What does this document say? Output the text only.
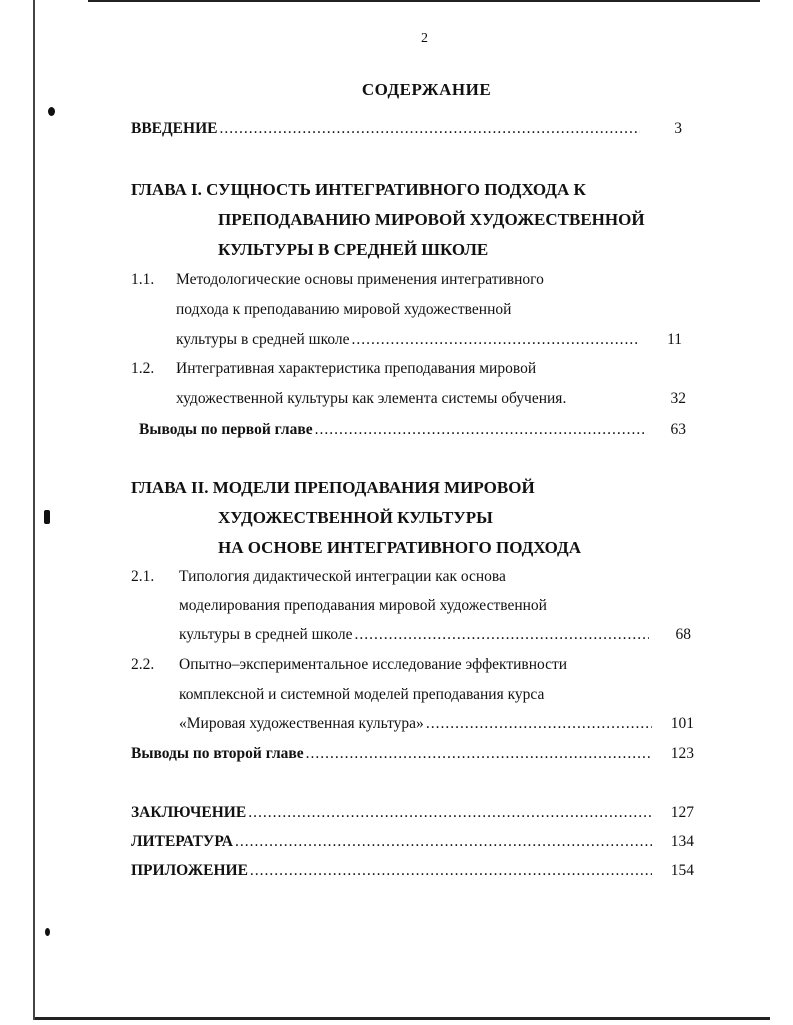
2
СОДЕРЖАНИЕ
ВВЕДЕНИЕ .....	3
ГЛАВА I. СУЩНОСТЬ ИНТЕГРАТИВНОГО ПОДХОДА К
ПРЕПОДАВАНИЮ МИРОВОЙ ХУДОЖЕСТВЕННОЙ
КУЛЬТУРЫ В СРЕДНЕЙ ШКОЛЕ
1.1. Методологические основы применения интегративного
подхода к преподаванию мировой художественной
культуры в средней школе .....	11
1.2. Интегративная характеристика преподавания мировой
художественной культуры как элемента системы обучения.	32
Выводы по первой главе .....	63
ГЛАВА II. МОДЕЛИ ПРЕПОДАВАНИЯ МИРОВОЙ
ХУДОЖЕСТВЕННОЙ КУЛЬТУРЫ
НА ОСНОВЕ ИНТЕГРАТИВНОГО ПОДХОДА
2.1. Типология дидактической интеграции как основа
моделирования преподавания мировой художественной
культуры в средней школе .....	68
2.2. Опытно–экспериментальное исследование эффективности
комплексной и системной моделей преподавания курса
«Мировая художественная культура» .....	101
Выводы по второй главе .....	123
ЗАКЛЮЧЕНИЕ .....	127
ЛИТЕРАТУРА .....	134
ПРИЛОЖЕНИЕ .....	154
